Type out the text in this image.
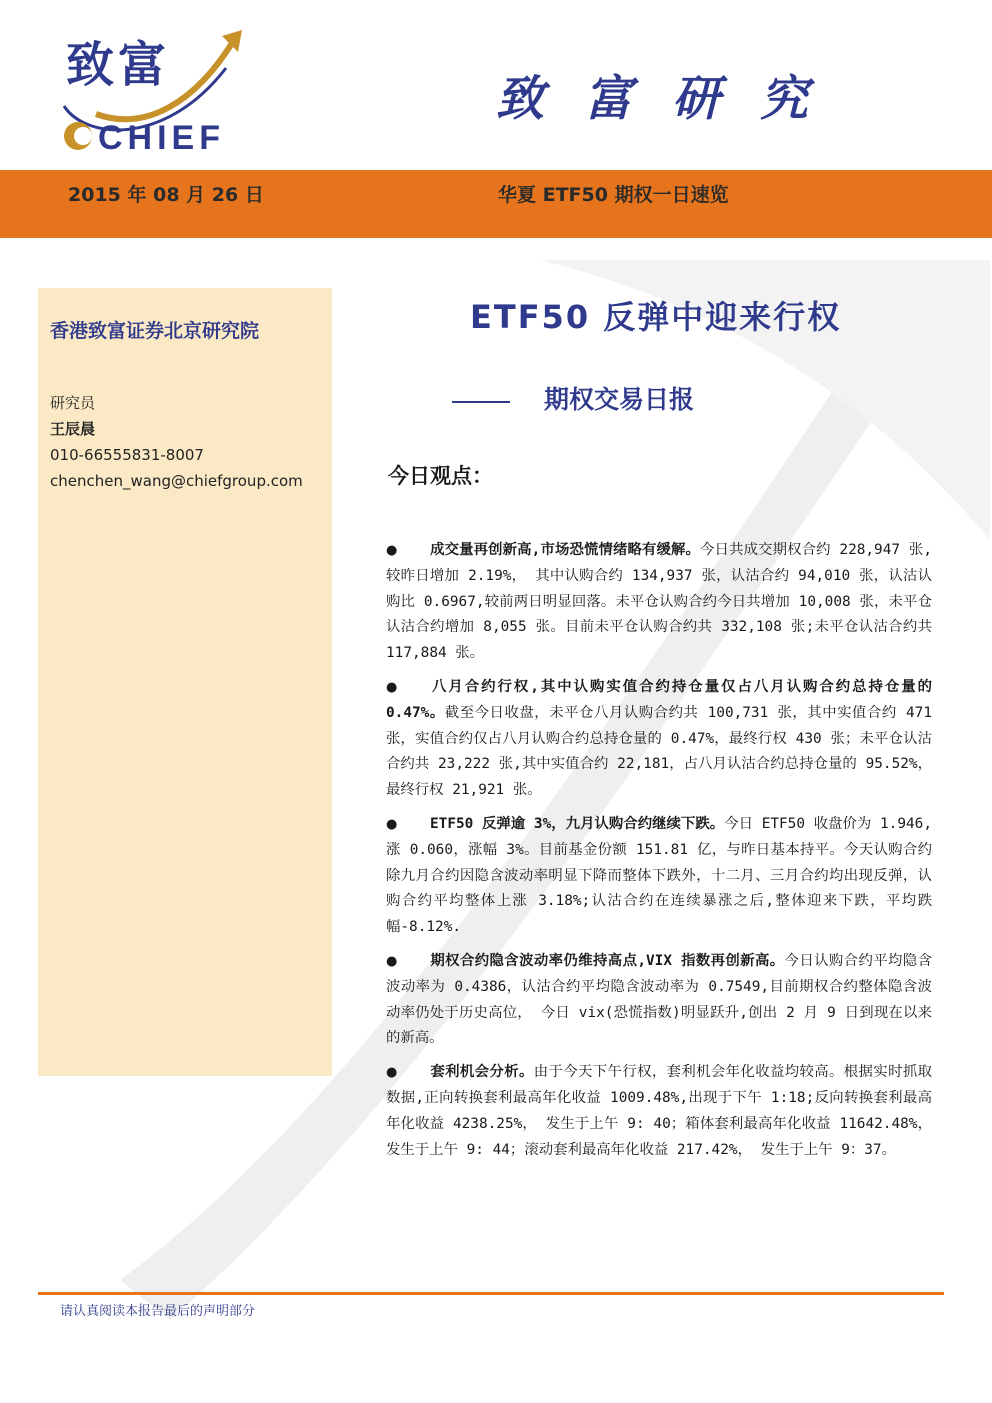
致富
CHIEF
致富研究
2015 年 08 月 26 日	华夏 ETF50 期权一日速览
香港致富证券北京研究院
研究员
王辰晨
010-66555831-8007
chenchen_wang@chiefgroup.com
ETF50 反弹中迎来行权
期权交易日报
今日观点：

● 成交量再创新高,市场恐慌情绪略有缓解。今日共成交期权合约 228,947 张,较昨日增加 2.19%， 其中认购合约 134,937 张，认沽合约 94,010 张，认沽认购比 0.6967,较前两日明显回落。未平仓认购合约今日共增加 10,008 张，未平仓认沽合约增加 8,055 张。目前未平仓认购合约共 332,108 张;未平仓认沽合约共 117,884 张。

● 八月合约行权,其中认购实值合约持仓量仅占八月认购合约总持仓量的 0.47%。截至今日收盘，未平仓八月认购合约共 100,731 张，其中实值合约 471 张，实值合约仅占八月认购合约总持仓量的 0.47%，最终行权 430 张；未平仓认沽合约共 23,222 张,其中实值合约 22,181，占八月认沽合约总持仓量的 95.52%，最终行权 21,921 张。

● ETF50 反弹逾 3%，九月认购合约继续下跌。今日 ETF50 收盘价为 1.946,涨 0.060，涨幅 3%。目前基金份额 151.81 亿，与昨日基本持平。今天认购合约除九月合约因隐含波动率明显下降而整体下跌外，十二月、三月合约均出现反弹，认购合约平均整体上涨 3.18%;认沽合约在连续暴涨之后,整体迎来下跌，平均跌幅-8.12%.

● 期权合约隐含波动率仍维持高点,VIX 指数再创新高。今日认购合约平均隐含波动率为 0.4386，认沽合约平均隐含波动率为 0.7549,目前期权合约整体隐含波动率仍处于历史高位， 今日 vix(恐慌指数)明显跃升,创出 2 月 9 日到现在以来的新高。

● 套利机会分析。由于今天下午行权，套利机会年化收益均较高。根据实时抓取数据,正向转换套利最高年化收益 1009.48%,出现于下午 1:18;反向转换套利最高年化收益 4238.25%， 发生于上午 9: 40；箱体套利最高年化收益 11642.48%，发生于上午 9: 44；滚动套利最高年化收益 217.42%， 发生于上午 9：37。

请认真阅读本报告最后的声明部分
